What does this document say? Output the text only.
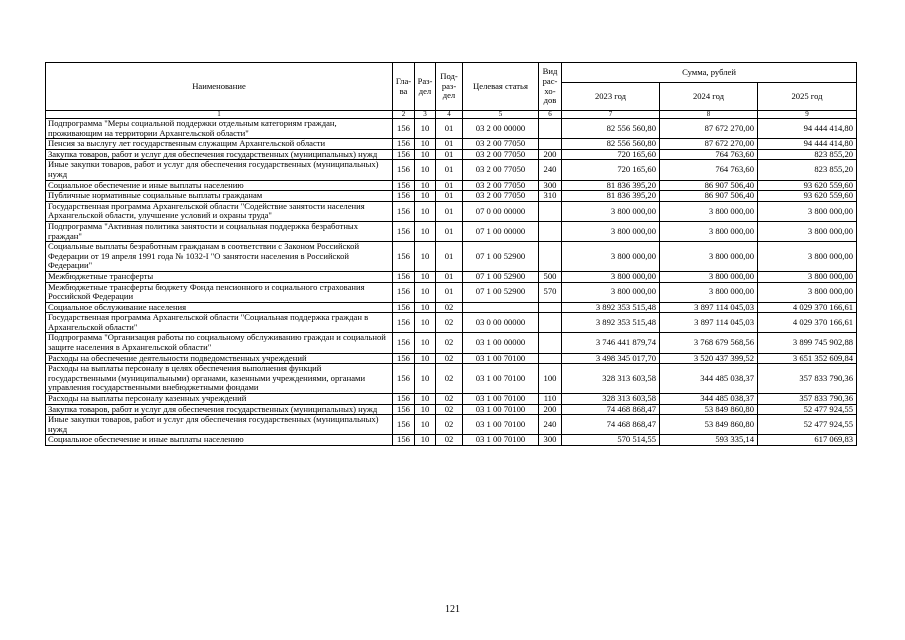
Наименование	Гла-ва	Раз-дел	Под-раз-дел	Целевая статья	Вид рас-хо-дов	Сумма, рублей		
						2023 год	2024 год	2025 год
1	2	3	4	5	6	7	8	9
Подпрограмма "Меры социальной поддержки отдельным категориям граждан, проживающим на территории Архангельской области"	156	10	01	03 2 00 00000		82 556 560,80	87 672 270,00	94 444 414,80
Пенсия за выслугу лет государственным служащим Архангельской области	156	10	01	03 2 00 77050		82 556 560,80	87 672 270,00	94 444 414,80
Закупка товаров, работ и услуг для обеспечения государственных (муниципальных) нужд	156	10	01	03 2 00 77050	200	720 165,60	764 763,60	823 855,20
Иные закупки товаров, работ и услуг для обеспечения государственных (муниципальных) нужд	156	10	01	03 2 00 77050	240	720 165,60	764 763,60	823 855,20
Социальное обеспечение и иные выплаты населению	156	10	01	03 2 00 77050	300	81 836 395,20	86 907 506,40	93 620 559,60
Публичные нормативные социальные выплаты гражданам	156	10	01	03 2 00 77050	310	81 836 395,20	86 907 506,40	93 620 559,60
Государственная программа Архангельской области "Содействие занятости населения Архангельской области, улучшение условий и охраны труда"	156	10	01	07 0 00 00000		3 800 000,00	3 800 000,00	3 800 000,00
Подпрограмма "Активная политика занятости и социальная поддержка безработных граждан"	156	10	01	07 1 00 00000		3 800 000,00	3 800 000,00	3 800 000,00
Социальные выплаты безработным гражданам в соответствии с Законом Российской Федерации от 19 апреля 1991 года № 1032-I "О занятости населения в Российской Федерации"	156	10	01	07 1 00 52900		3 800 000,00	3 800 000,00	3 800 000,00
Межбюджетные трансферты	156	10	01	07 1 00 52900	500	3 800 000,00	3 800 000,00	3 800 000,00
Межбюджетные трансферты бюджету Фонда пенсионного и социального страхования Российской Федерации	156	10	01	07 1 00 52900	570	3 800 000,00	3 800 000,00	3 800 000,00
Социальное обслуживание населения	156	10	02			3 892 353 515,48	3 897 114 045,03	4 029 370 166,61
Государственная программа Архангельской области "Социальная поддержка граждан в Архангельской области"	156	10	02	03 0 00 00000		3 892 353 515,48	3 897 114 045,03	4 029 370 166,61
Подпрограмма "Организация работы по социальному обслуживанию граждан и социальной защите населения в Архангельской области"	156	10	02	03 1 00 00000		3 746 441 879,74	3 768 679 568,56	3 899 745 902,88
Расходы на обеспечение деятельности подведомственных учреждений	156	10	02	03 1 00 70100		3 498 345 017,70	3 520 437 399,52	3 651 352 609,84
Расходы на выплаты персоналу в целях обеспечения выполнения функций государственными (муниципальными) органами, казенными учреждениями, органами управления государственными внебюджетными фондами	156	10	02	03 1 00 70100	100	328 313 603,58	344 485 038,37	357 833 790,36
Расходы на выплаты персоналу казенных учреждений	156	10	02	03 1 00 70100	110	328 313 603,58	344 485 038,37	357 833 790,36
Закупка товаров, работ и услуг для обеспечения государственных (муниципальных) нужд	156	10	02	03 1 00 70100	200	74 468 868,47	53 849 860,80	52 477 924,55
Иные закупки товаров, работ и услуг для обеспечения государственных (муниципальных) нужд	156	10	02	03 1 00 70100	240	74 468 868,47	53 849 860,80	52 477 924,55
Социальное обеспечение и иные выплаты населению	156	10	02	03 1 00 70100	300	570 514,55	593 335,14	617 069,83
121
